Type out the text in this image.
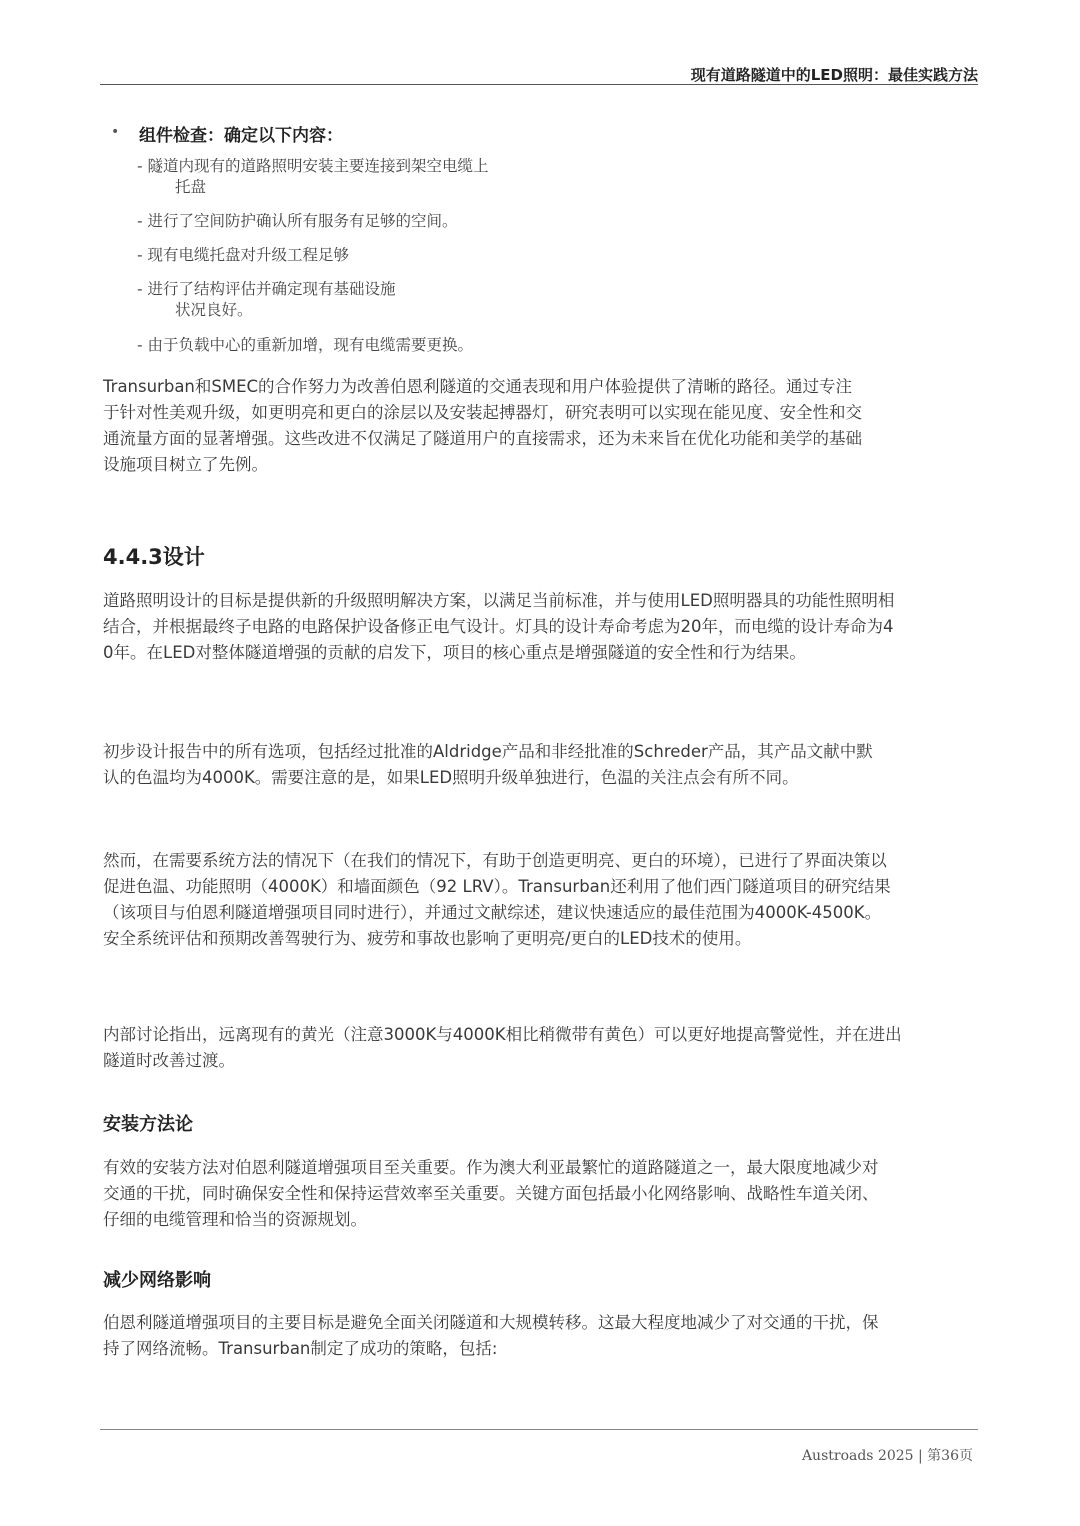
现有道路隧道中的LED照明：最佳实践方法
• 组件检查：确定以下内容：
- 隧道内现有的道路照明安装主要连接到架空电缆上
托盘
- 进行了空间防护确认所有服务有足够的空间。
- 现有电缆托盘对升级工程足够
- 进行了结构评估并确定现有基础设施
状况良好。
- 由于负载中心的重新加增，现有电缆需要更换。

Transurban和SMEC的合作努力为改善伯恩利隧道的交通表现和用户体验提供了清晰的路径。通过专注
于针对性美观升级，如更明亮和更白的涂层以及安装起搏器灯，研究表明可以实现在能见度、安全性和交
通流量方面的显著增强。这些改进不仅满足了隧道用户的直接需求，还为未来旨在优化功能和美学的基础
设施项目树立了先例。

4.4.3设计

道路照明设计的目标是提供新的升级照明解决方案，以满足当前标准，并与使用LED照明器具的功能性照明相
结合，并根据最终子电路的电路保护设备修正电气设计。灯具的设计寿命考虑为20年，而电缆的设计寿命为4
0年。在LED对整体隧道增强的贡献的启发下，项目的核心重点是增强隧道的安全性和行为结果。

初步设计报告中的所有选项，包括经过批准的Aldridge产品和非经批准的Schreder产品，其产品文献中默
认的色温均为4000K。需要注意的是，如果LED照明升级单独进行，色温的关注点会有所不同。

然而，在需要系统方法的情况下（在我们的情况下，有助于创造更明亮、更白的环境），已进行了界面决策以
促进色温、功能照明（4000K）和墙面颜色（92 LRV）。Transurban还利用了他们西门隧道项目的研究结果
（该项目与伯恩利隧道增强项目同时进行），并通过文献综述，建议快速适应的最佳范围为4000K-4500K。
安全系统评估和预期改善驾驶行为、疲劳和事故也影响了更明亮/更白的LED技术的使用。

内部讨论指出，远离现有的黄光（注意3000K与4000K相比稍微带有黄色）可以更好地提高警觉性，并在进出
隧道时改善过渡。

安装方法论

有效的安装方法对伯恩利隧道增强项目至关重要。作为澳大利亚最繁忙的道路隧道之一，最大限度地减少对
交通的干扰，同时确保安全性和保持运营效率至关重要。关键方面包括最小化网络影响、战略性车道关闭、
仔细的电缆管理和恰当的资源规划。

减少网络影响

伯恩利隧道增强项目的主要目标是避免全面关闭隧道和大规模转移。这最大程度地减少了对交通的干扰，保
持了网络流畅。Transurban制定了成功的策略，包括:

Austroads 2025 | 第36页
